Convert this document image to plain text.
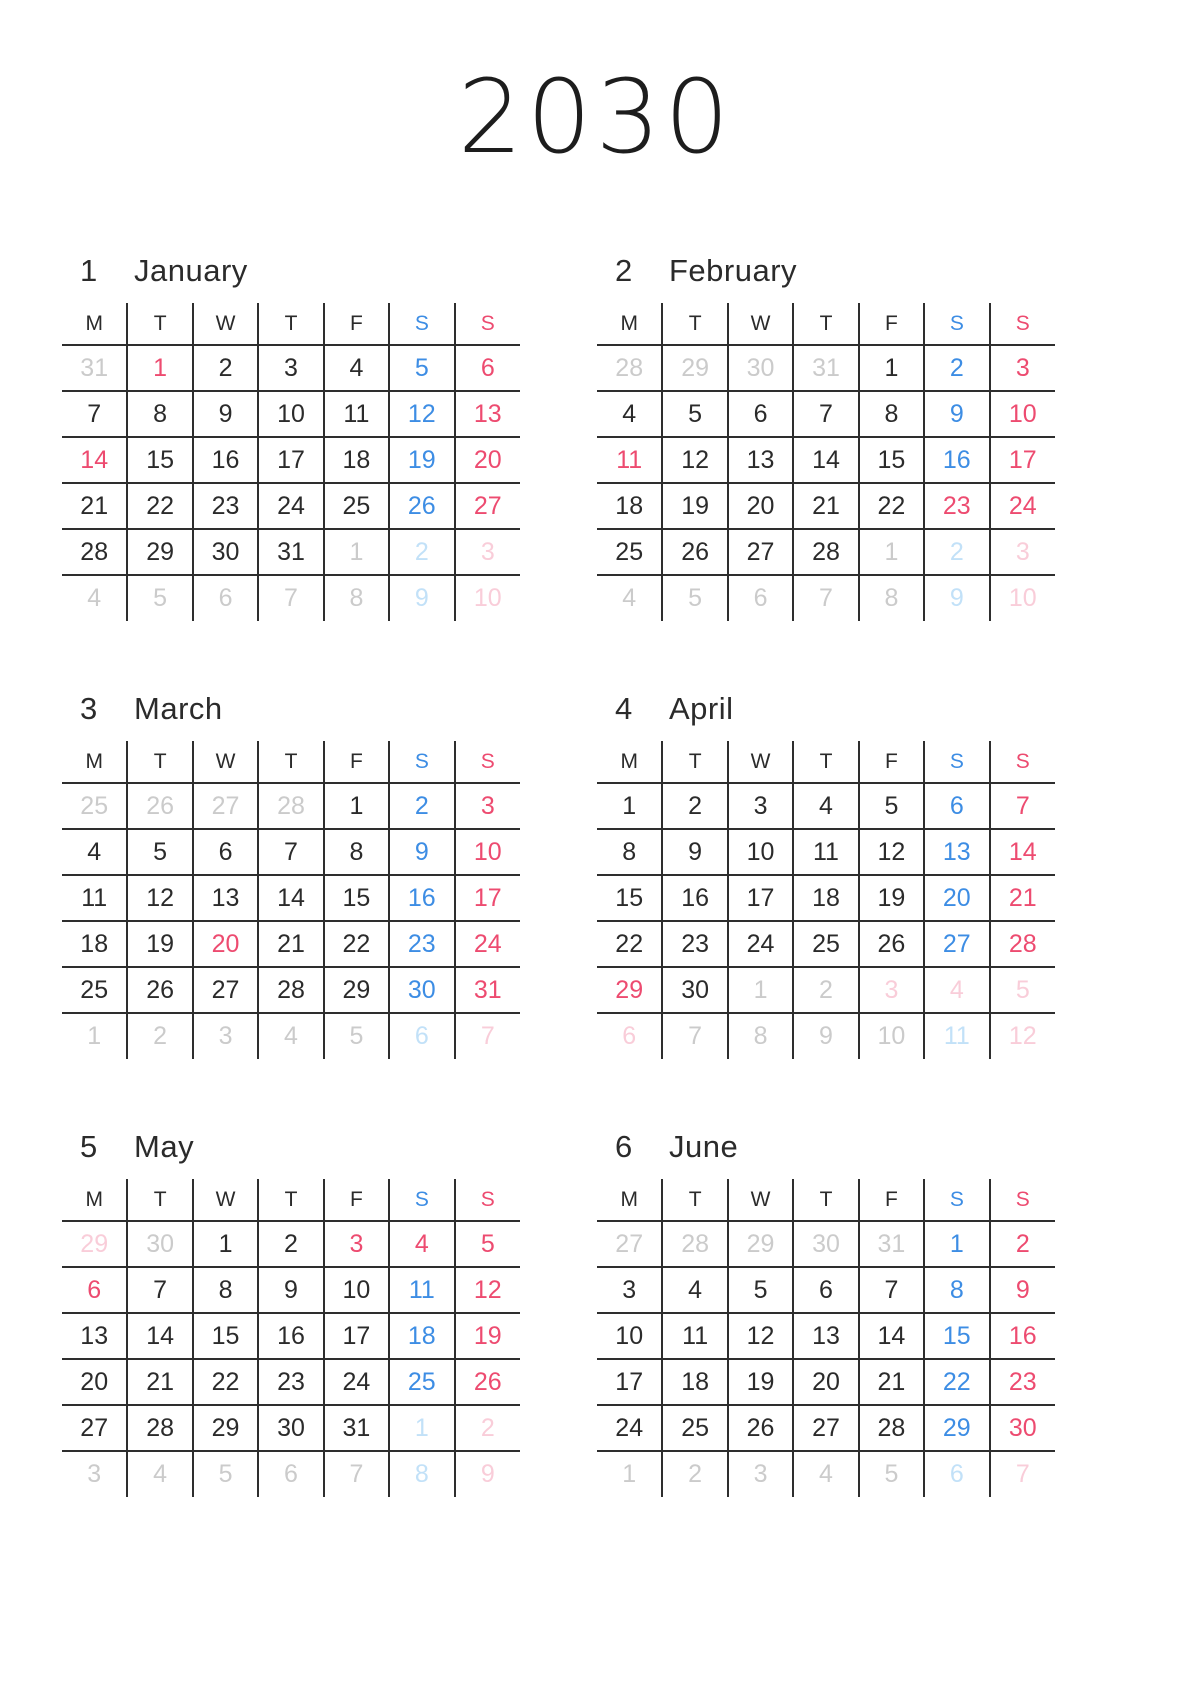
2030
1 January
M	T	W	T	F	S	S
31	1	2	3	4	5	6
7	8	9	10	11	12	13
14	15	16	17	18	19	20
21	22	23	24	25	26	27
28	29	30	31	1	2	3
4	5	6	7	8	9	10
2 February
M	T	W	T	F	S	S
28	29	30	31	1	2	3
4	5	6	7	8	9	10
11	12	13	14	15	16	17
18	19	20	21	22	23	24
25	26	27	28	1	2	3
4	5	6	7	8	9	10
3 March
M	T	W	T	F	S	S
25	26	27	28	1	2	3
4	5	6	7	8	9	10
11	12	13	14	15	16	17
18	19	20	21	22	23	24
25	26	27	28	29	30	31
1	2	3	4	5	6	7
4 April
M	T	W	T	F	S	S
1	2	3	4	5	6	7
8	9	10	11	12	13	14
15	16	17	18	19	20	21
22	23	24	25	26	27	28
29	30	1	2	3	4	5
6	7	8	9	10	11	12
5 May
M	T	W	T	F	S	S
29	30	1	2	3	4	5
6	7	8	9	10	11	12
13	14	15	16	17	18	19
20	21	22	23	24	25	26
27	28	29	30	31	1	2
3	4	5	6	7	8	9
6 June
M	T	W	T	F	S	S
27	28	29	30	31	1	2
3	4	5	6	7	8	9
10	11	12	13	14	15	16
17	18	19	20	21	22	23
24	25	26	27	28	29	30
1	2	3	4	5	6	7
